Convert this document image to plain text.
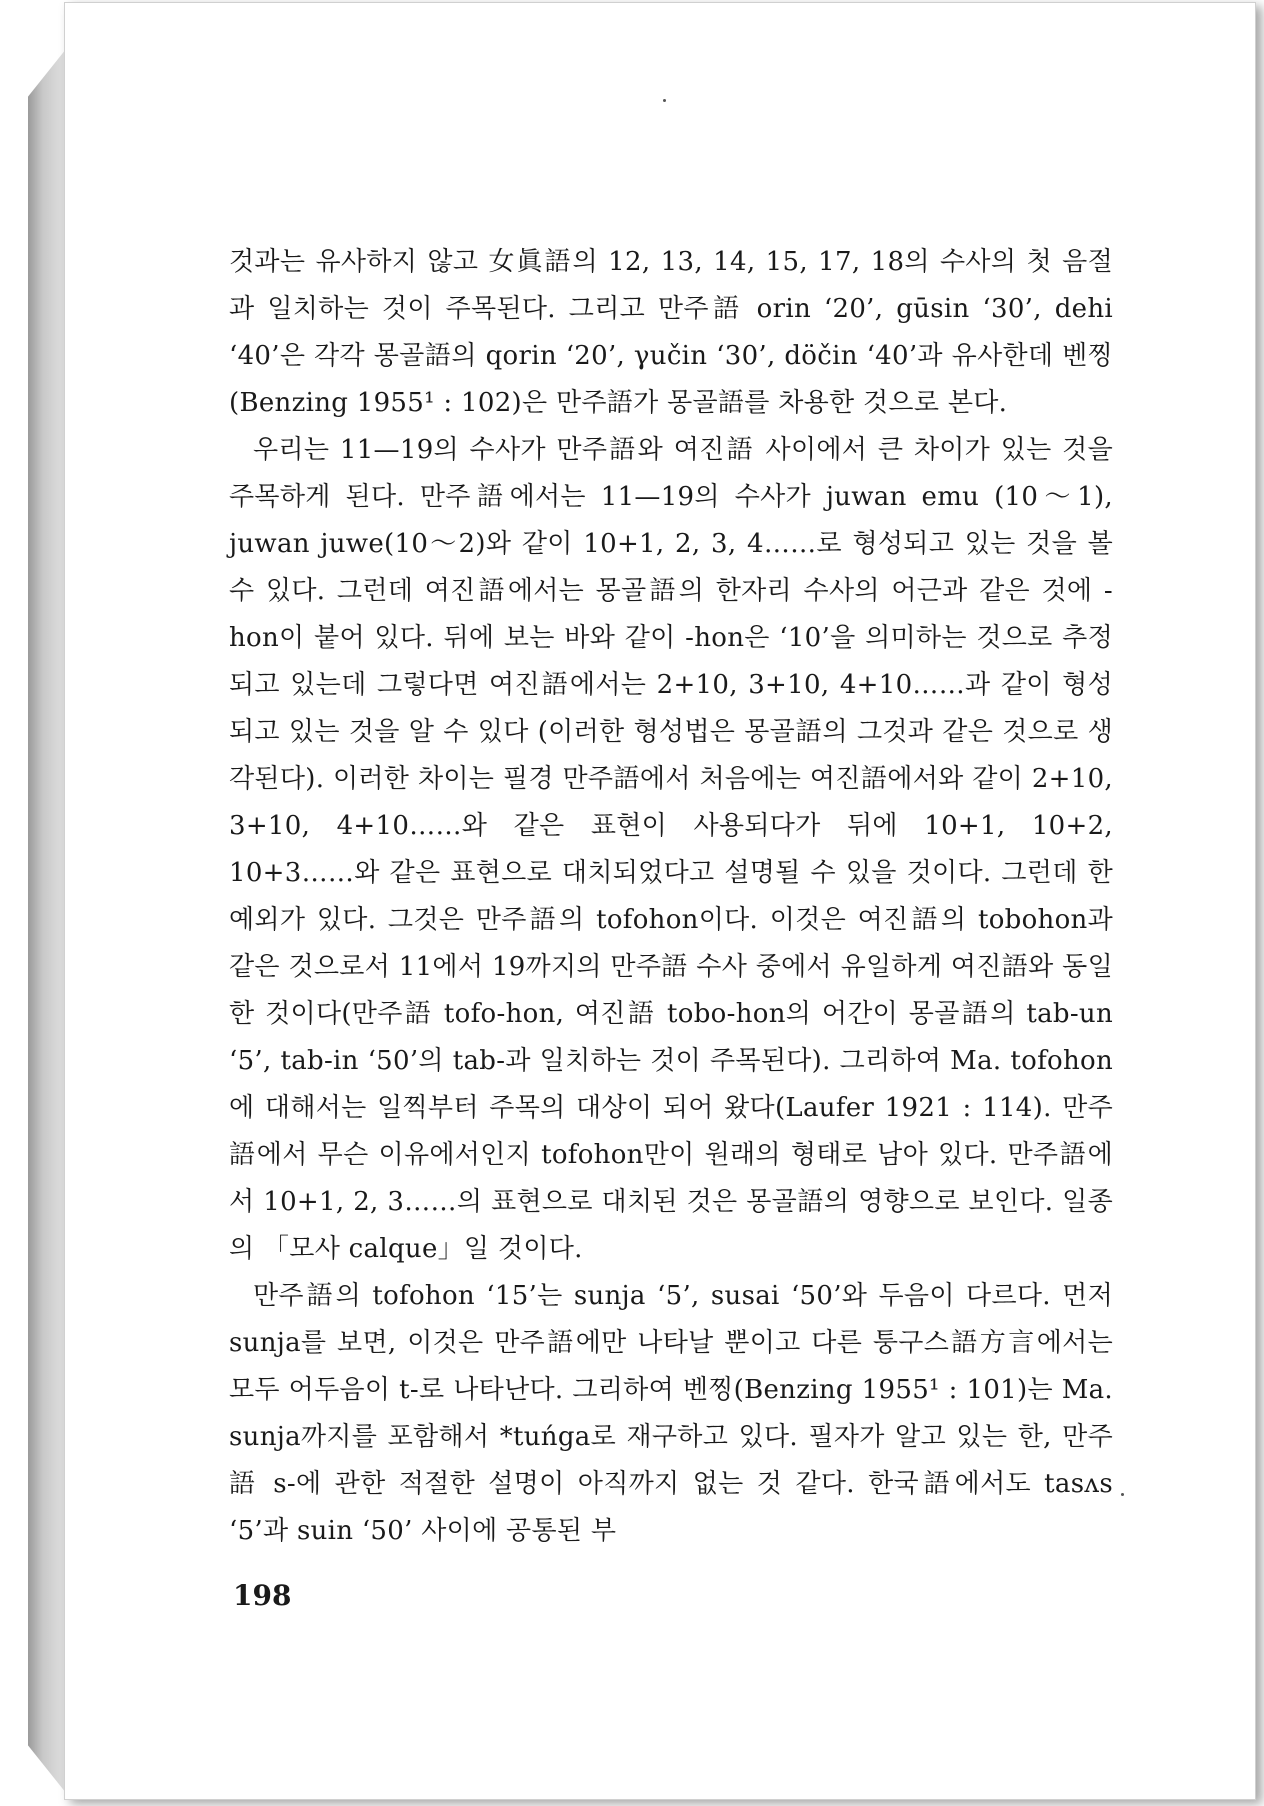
것과는 유사하지 않고 女眞語의 12, 13, 14, 15, 17, 18의 수사의 첫 음절과 일치하는 것이 주목된다. 그리고 만주語 orin ‘20’, gūsin ‘30’, dehi ‘40’은 각각 몽골語의 qorin ‘20’, γučin ‘30’, döčin ‘40’과 유사한데 벤찡(Benzing 1955¹ : 102)은 만주語가 몽골語를 차용한 것으로 본다.

우리는 11—19의 수사가 만주語와 여진語 사이에서 큰 차이가 있는 것을 주목하게 된다. 만주語에서는 11—19의 수사가 juwan emu (10～1), juwan juwe(10～2)와 같이 10+1, 2, 3, 4……로 형성되고 있는 것을 볼 수 있다. 그런데 여진語에서는 몽골語의 한자리 수사의 어근과 같은 것에 -hon이 붙어 있다. 뒤에 보는 바와 같이 -hon은 ‘10’을 의미하는 것으로 추정되고 있는데 그렇다면 여진語에서는 2+10, 3+10, 4+10……과 같이 형성되고 있는 것을 알 수 있다 (이러한 형성법은 몽골語의 그것과 같은 것으로 생각된다). 이러한 차이는 필경 만주語에서 처음에는 여진語에서와 같이 2+10, 3+10, 4+10……와 같은 표현이 사용되다가 뒤에 10+1, 10+2, 10+3……와 같은 표현으로 대치되었다고 설명될 수 있을 것이다. 그런데 한 예외가 있다. 그것은 만주語의 tofohon이다. 이것은 여진語의 tobohon과 같은 것으로서 11에서 19까지의 만주語 수사 중에서 유일하게 여진語와 동일한 것이다(만주語 tofo-hon, 여진語 tobo-hon의 어간이 몽골語의 tab-un ‘5’, tab-in ‘50’의 tab-과 일치하는 것이 주목된다). 그리하여 Ma. tofohon에 대해서는 일찍부터 주목의 대상이 되어 왔다(Laufer 1921 : 114). 만주語에서 무슨 이유에서인지 tofohon만이 원래의 형태로 남아 있다. 만주語에서 10+1, 2, 3……의 표현으로 대치된 것은 몽골語의 영향으로 보인다. 일종의 「모사 calque」일 것이다.

만주語의 tofohon ‘15’는 sunja ‘5’, susai ‘50’와 두음이 다르다. 먼저 sunja를 보면, 이것은 만주語에만 나타날 뿐이고 다른 퉁구스語方言에서는 모두 어두음이 t-로 나타난다. 그리하여 벤찡(Benzing 1955¹ : 101)는 Ma. sunja까지를 포함해서 *tuńga로 재구하고 있다. 필자가 알고 있는 한, 만주語 s-에 관한 적절한 설명이 아직까지 없는 것 같다. 한국語에서도 tasʌs ‘5’과 suin ‘50’ 사이에 공통된 부

198
